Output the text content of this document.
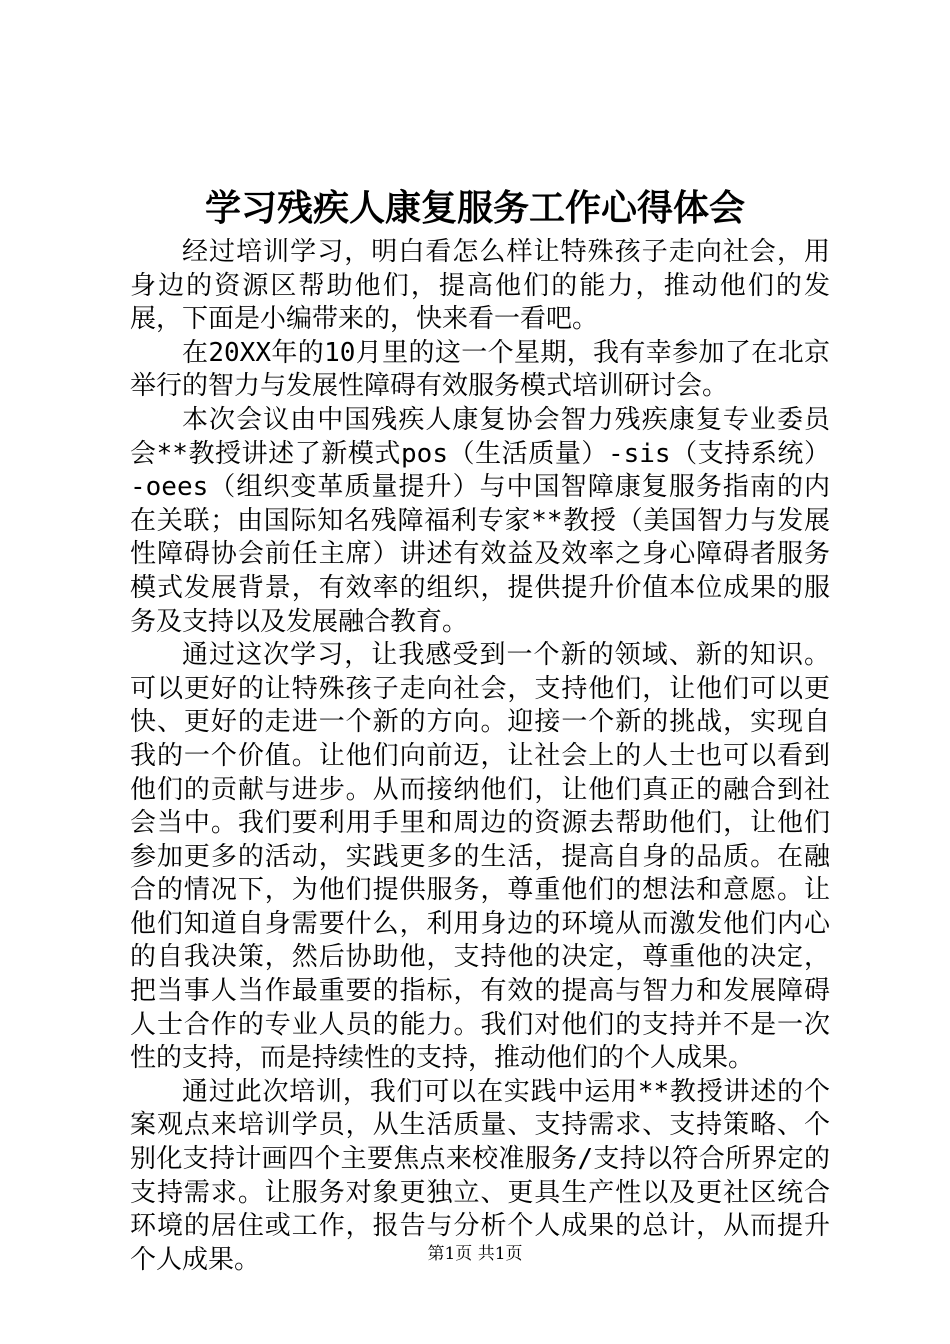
学习残疾人康复服务工作心得体会

经过培训学习，明白看怎么样让特殊孩子走向社会，用身边的资源区帮助他们，提高他们的能力，推动他们的发展，下面是小编带来的，快来看一看吧。

在20XX年的10月里的这一个星期，我有幸参加了在北京举行的智力与发展性障碍有效服务模式培训研讨会。

本次会议由中国残疾人康复协会智力残疾康复专业委员会**教授讲述了新模式pos（生活质量）-sis（支持系统）-oees（组织变革质量提升）与中国智障康复服务指南的内在关联；由国际知名残障福利专家**教授（美国智力与发展性障碍协会前任主席）讲述有效益及效率之身心障碍者服务模式发展背景，有效率的组织，提供提升价值本位成果的服务及支持以及发展融合教育。

通过这次学习，让我感受到一个新的领域、新的知识。可以更好的让特殊孩子走向社会，支持他们，让他们可以更快、更好的走进一个新的方向。迎接一个新的挑战，实现自我的一个价值。让他们向前迈，让社会上的人士也可以看到他们的贡献与进步。从而接纳他们，让他们真正的融合到社会当中。我们要利用手里和周边的资源去帮助他们，让他们参加更多的活动，实践更多的生活，提高自身的品质。在融合的情况下，为他们提供服务，尊重他们的想法和意愿。让他们知道自身需要什么，利用身边的环境从而激发他们内心的自我决策，然后协助他，支持他的决定，尊重他的决定，把当事人当作最重要的指标，有效的提高与智力和发展障碍人士合作的专业人员的能力。我们对他们的支持并不是一次性的支持，而是持续性的支持，推动他们的个人成果。

通过此次培训，我们可以在实践中运用**教授讲述的个案观点来培训学员，从生活质量、支持需求、支持策略、个别化支持计画四个主要焦点来校准服务/支持以符合所界定的支持需求。让服务对象更独立、更具生产性以及更社区统合环境的居住或工作，报告与分析个人成果的总计，从而提升个人成果。	第1页 共1页
